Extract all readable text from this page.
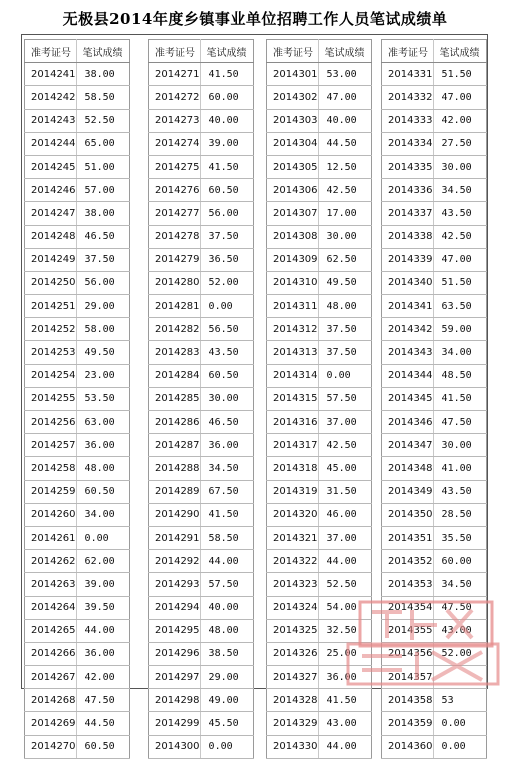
无极县2014年度乡镇事业单位招聘工作人员笔试成绩单
准考证号	笔试成绩
2014241	38.00
2014242	58.50
2014243	52.50
2014244	65.00
2014245	51.00
2014246	57.00
2014247	38.00
2014248	46.50
2014249	37.50
2014250	56.00
2014251	29.00
2014252	58.00
2014253	49.50
2014254	23.00
2014255	53.50
2014256	63.00
2014257	36.00
2014258	48.00
2014259	60.50
2014260	34.00
2014261	0.00
2014262	62.00
2014263	39.00
2014264	39.50
2014265	44.00
2014266	36.00
2014267	42.00
2014268	47.50
2014269	44.50
2014270	60.50
准考证号	笔试成绩
2014271	41.50
2014272	60.00
2014273	40.00
2014274	39.00
2014275	41.50
2014276	60.50
2014277	56.00
2014278	37.50
2014279	36.50
2014280	52.00
2014281	0.00
2014282	56.50
2014283	43.50
2014284	60.50
2014285	30.00
2014286	46.50
2014287	36.00
2014288	34.50
2014289	67.50
2014290	41.50
2014291	58.50
2014292	44.00
2014293	57.50
2014294	40.00
2014295	48.00
2014296	38.50
2014297	29.00
2014298	49.00
2014299	45.50
2014300	0.00
准考证号	笔试成绩
2014301	53.00
2014302	47.00
2014303	40.00
2014304	44.50
2014305	12.50
2014306	42.50
2014307	17.00
2014308	30.00
2014309	62.50
2014310	49.50
2014311	48.00
2014312	37.50
2014313	37.50
2014314	0.00
2014315	57.50
2014316	37.00
2014317	42.50
2014318	45.00
2014319	31.50
2014320	46.00
2014321	37.00
2014322	44.00
2014323	52.50
2014324	54.00
2014325	32.50
2014326	25.00
2014327	36.00
2014328	41.50
2014329	43.00
2014330	44.00
准考证号	笔试成绩
2014331	51.50
2014332	47.00
2014333	42.00
2014334	27.50
2014335	30.00
2014336	34.50
2014337	43.50
2014338	42.50
2014339	47.00
2014340	51.50
2014341	63.50
2014342	59.00
2014343	34.00
2014344	48.50
2014345	41.50
2014346	47.50
2014347	30.00
2014348	41.00
2014349	43.50
2014350	28.50
2014351	35.50
2014352	60.00
2014353	34.50
2014354	47.50
2014355	43.00
2014356	52.00
2014357	
2014358	53
2014359	0.00
2014360	0.00
